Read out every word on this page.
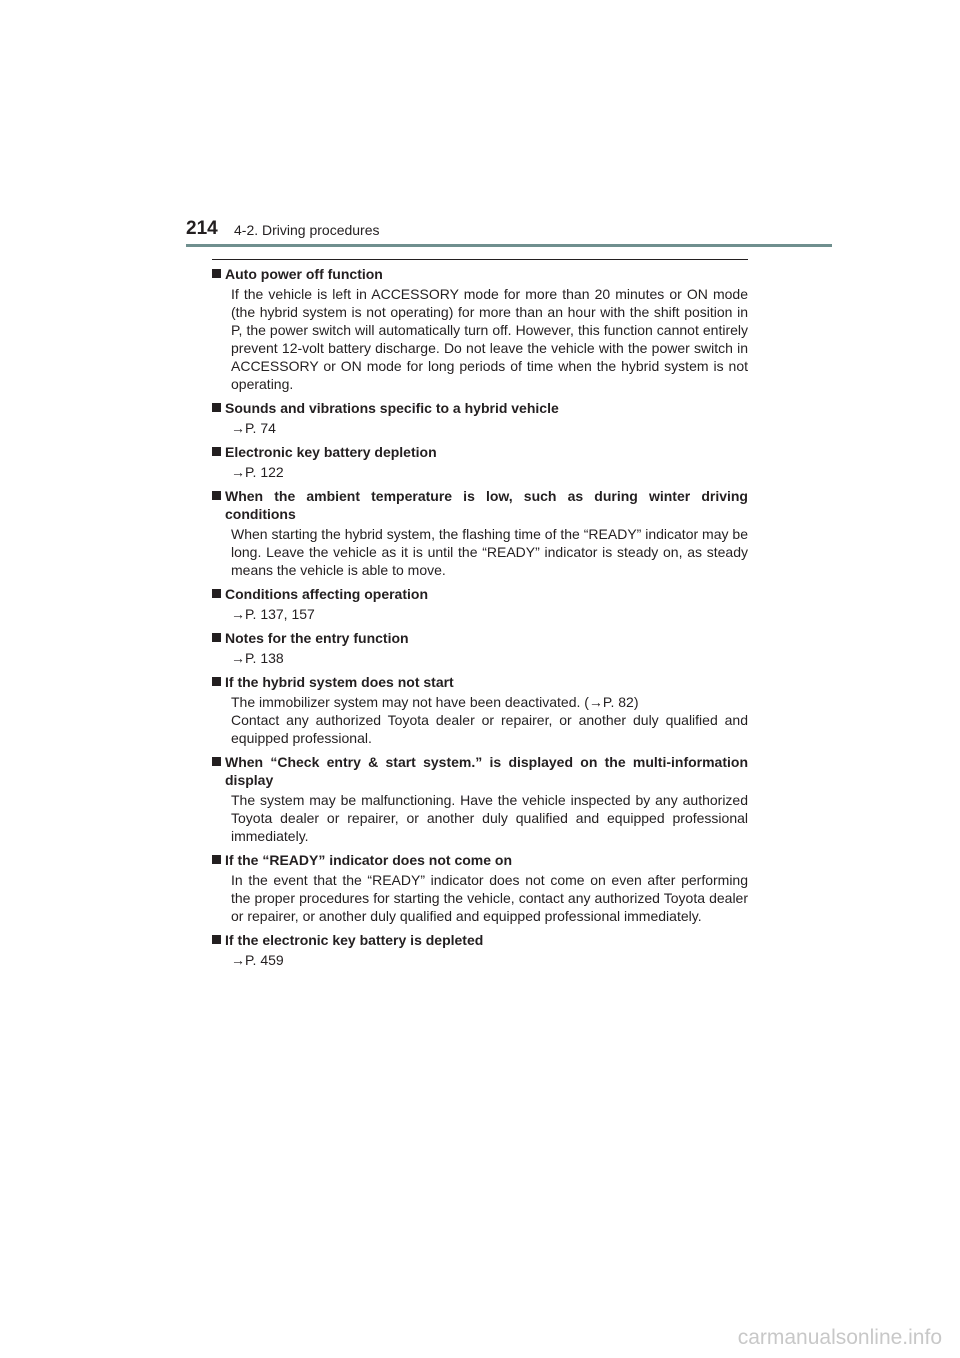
214 4-2. Driving procedures
Auto power off function
If the vehicle is left in ACCESSORY mode for more than 20 minutes or ON mode (the hybrid system is not operating) for more than an hour with the shift position in P, the power switch will automatically turn off. However, this function cannot entirely prevent 12-volt battery discharge. Do not leave the vehicle with the power switch in ACCESSORY or ON mode for long periods of time when the hybrid system is not operating.
Sounds and vibrations specific to a hybrid vehicle
→P. 74
Electronic key battery depletion
→P. 122
When the ambient temperature is low, such as during winter driving conditions
When starting the hybrid system, the flashing time of the “READY” indicator may be long. Leave the vehicle as it is until the “READY” indicator is steady on, as steady means the vehicle is able to move.
Conditions affecting operation
→P. 137, 157
Notes for the entry function
→P. 138
If the hybrid system does not start
The immobilizer system may not have been deactivated. (→P. 82)
Contact any authorized Toyota dealer or repairer, or another duly qualified and equipped professional.
When “Check entry & start system.” is displayed on the multi-information display
The system may be malfunctioning. Have the vehicle inspected by any authorized Toyota dealer or repairer, or another duly qualified and equipped professional immediately.
If the “READY” indicator does not come on
In the event that the “READY” indicator does not come on even after performing the proper procedures for starting the vehicle, contact any authorized Toyota dealer or repairer, or another duly qualified and equipped professional immediately.
If the electronic key battery is depleted
→P. 459
carmanualsonline.info
